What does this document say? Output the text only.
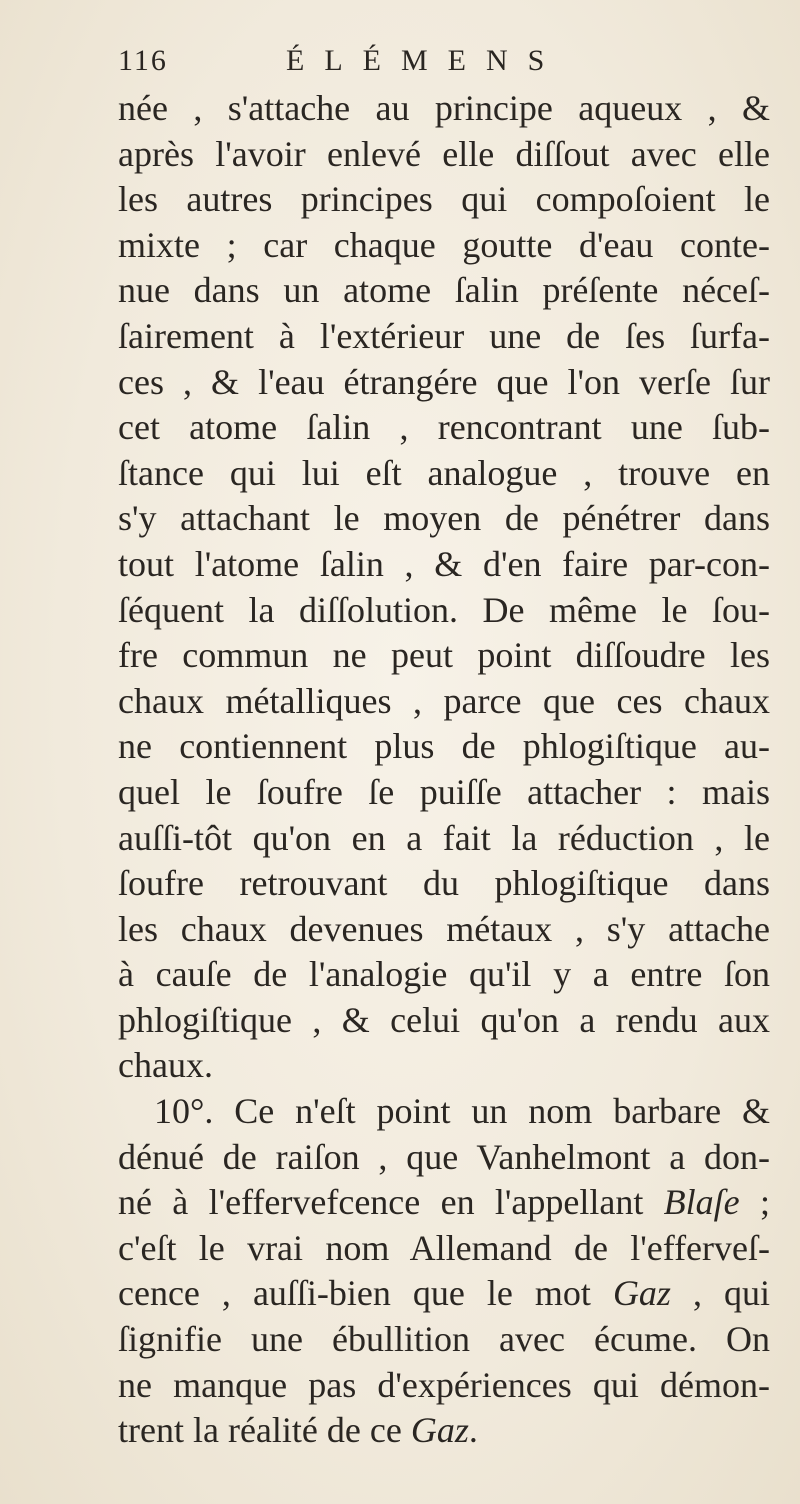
116	ÉLÉMENS
née , s'attache au principe aqueux , &
après l'avoir enlevé elle diſſout avec elle
les autres principes qui compoſoient le
mixte ; car chaque goutte d'eau conte-
nue dans un atome ſalin préſente néceſ-
ſairement à l'extérieur une de ſes ſurfa-
ces , & l'eau étrangére que l'on verſe ſur
cet atome ſalin , rencontrant une ſub-
ſtance qui lui eſt analogue , trouve en
s'y attachant le moyen de pénétrer dans
tout l'atome ſalin , & d'en faire par-con-
ſéquent la diſſolution. De même le ſou-
fre commun ne peut point diſſoudre les
chaux métalliques , parce que ces chaux
ne contiennent plus de phlogiſtique au-
quel le ſoufre ſe puiſſe attacher : mais
auſſi-tôt qu'on en a fait la réduction , le
ſoufre retrouvant du phlogiſtique dans
les chaux devenues métaux , s'y attache
à cauſe de l'analogie qu'il y a entre ſon
phlogiſtique , & celui qu'on a rendu aux
chaux.
10°. Ce n'eſt point un nom barbare &
dénué de raiſon , que Vanhelmont a don-
né à l'effervefcence en l'appellant Blaſe ;
c'eſt le vrai nom Allemand de l'efferveſ-
cence , auſſi-bien que le mot Gaz , qui
ſignifie une ébullition avec écume. On
ne manque pas d'expériences qui démon-
trent la réalité de ce Gaz.
